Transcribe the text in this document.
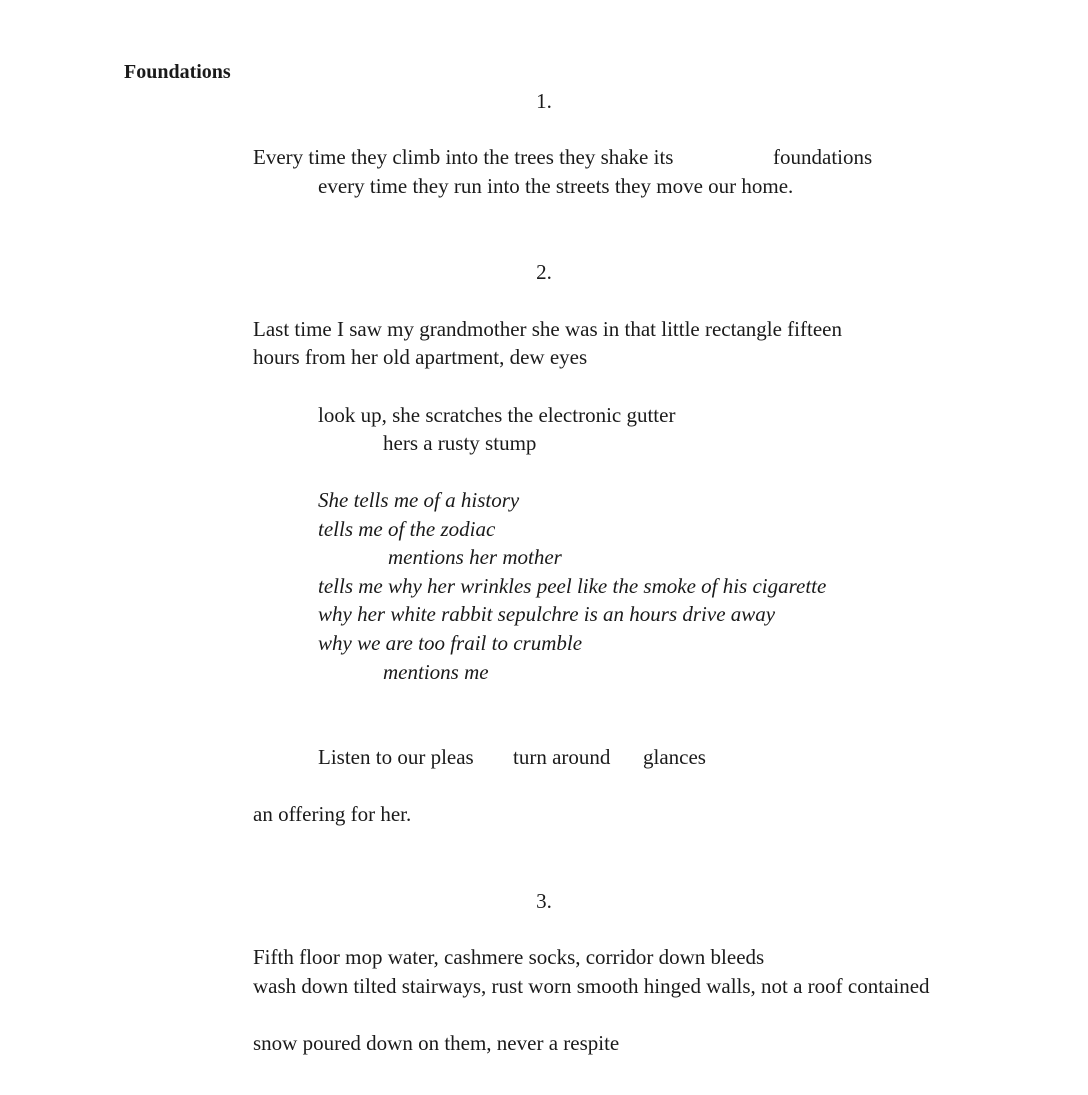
Foundations
1.
Every time they climb into the trees they shake its	foundations
every time they run into the streets they move our home.
2.
Last time I saw my grandmother she was in that little rectangle fifteen
hours from her old apartment, dew eyes
look up, she scratches the electronic gutter
hers a rusty stump
She tells me of a history
tells me of the zodiac
mentions her mother
tells me why her wrinkles peel like the smoke of his cigarette
why her white rabbit sepulchre is an hours drive away
why we are too frail to crumble
mentions me
Listen to our pleas turn around glances
an offering for her.
3.
Fifth floor mop water, cashmere socks, corridor down bleeds
wash down tilted stairways, rust worn smooth hinged walls, not a roof contained
snow poured down on them, never a respite
